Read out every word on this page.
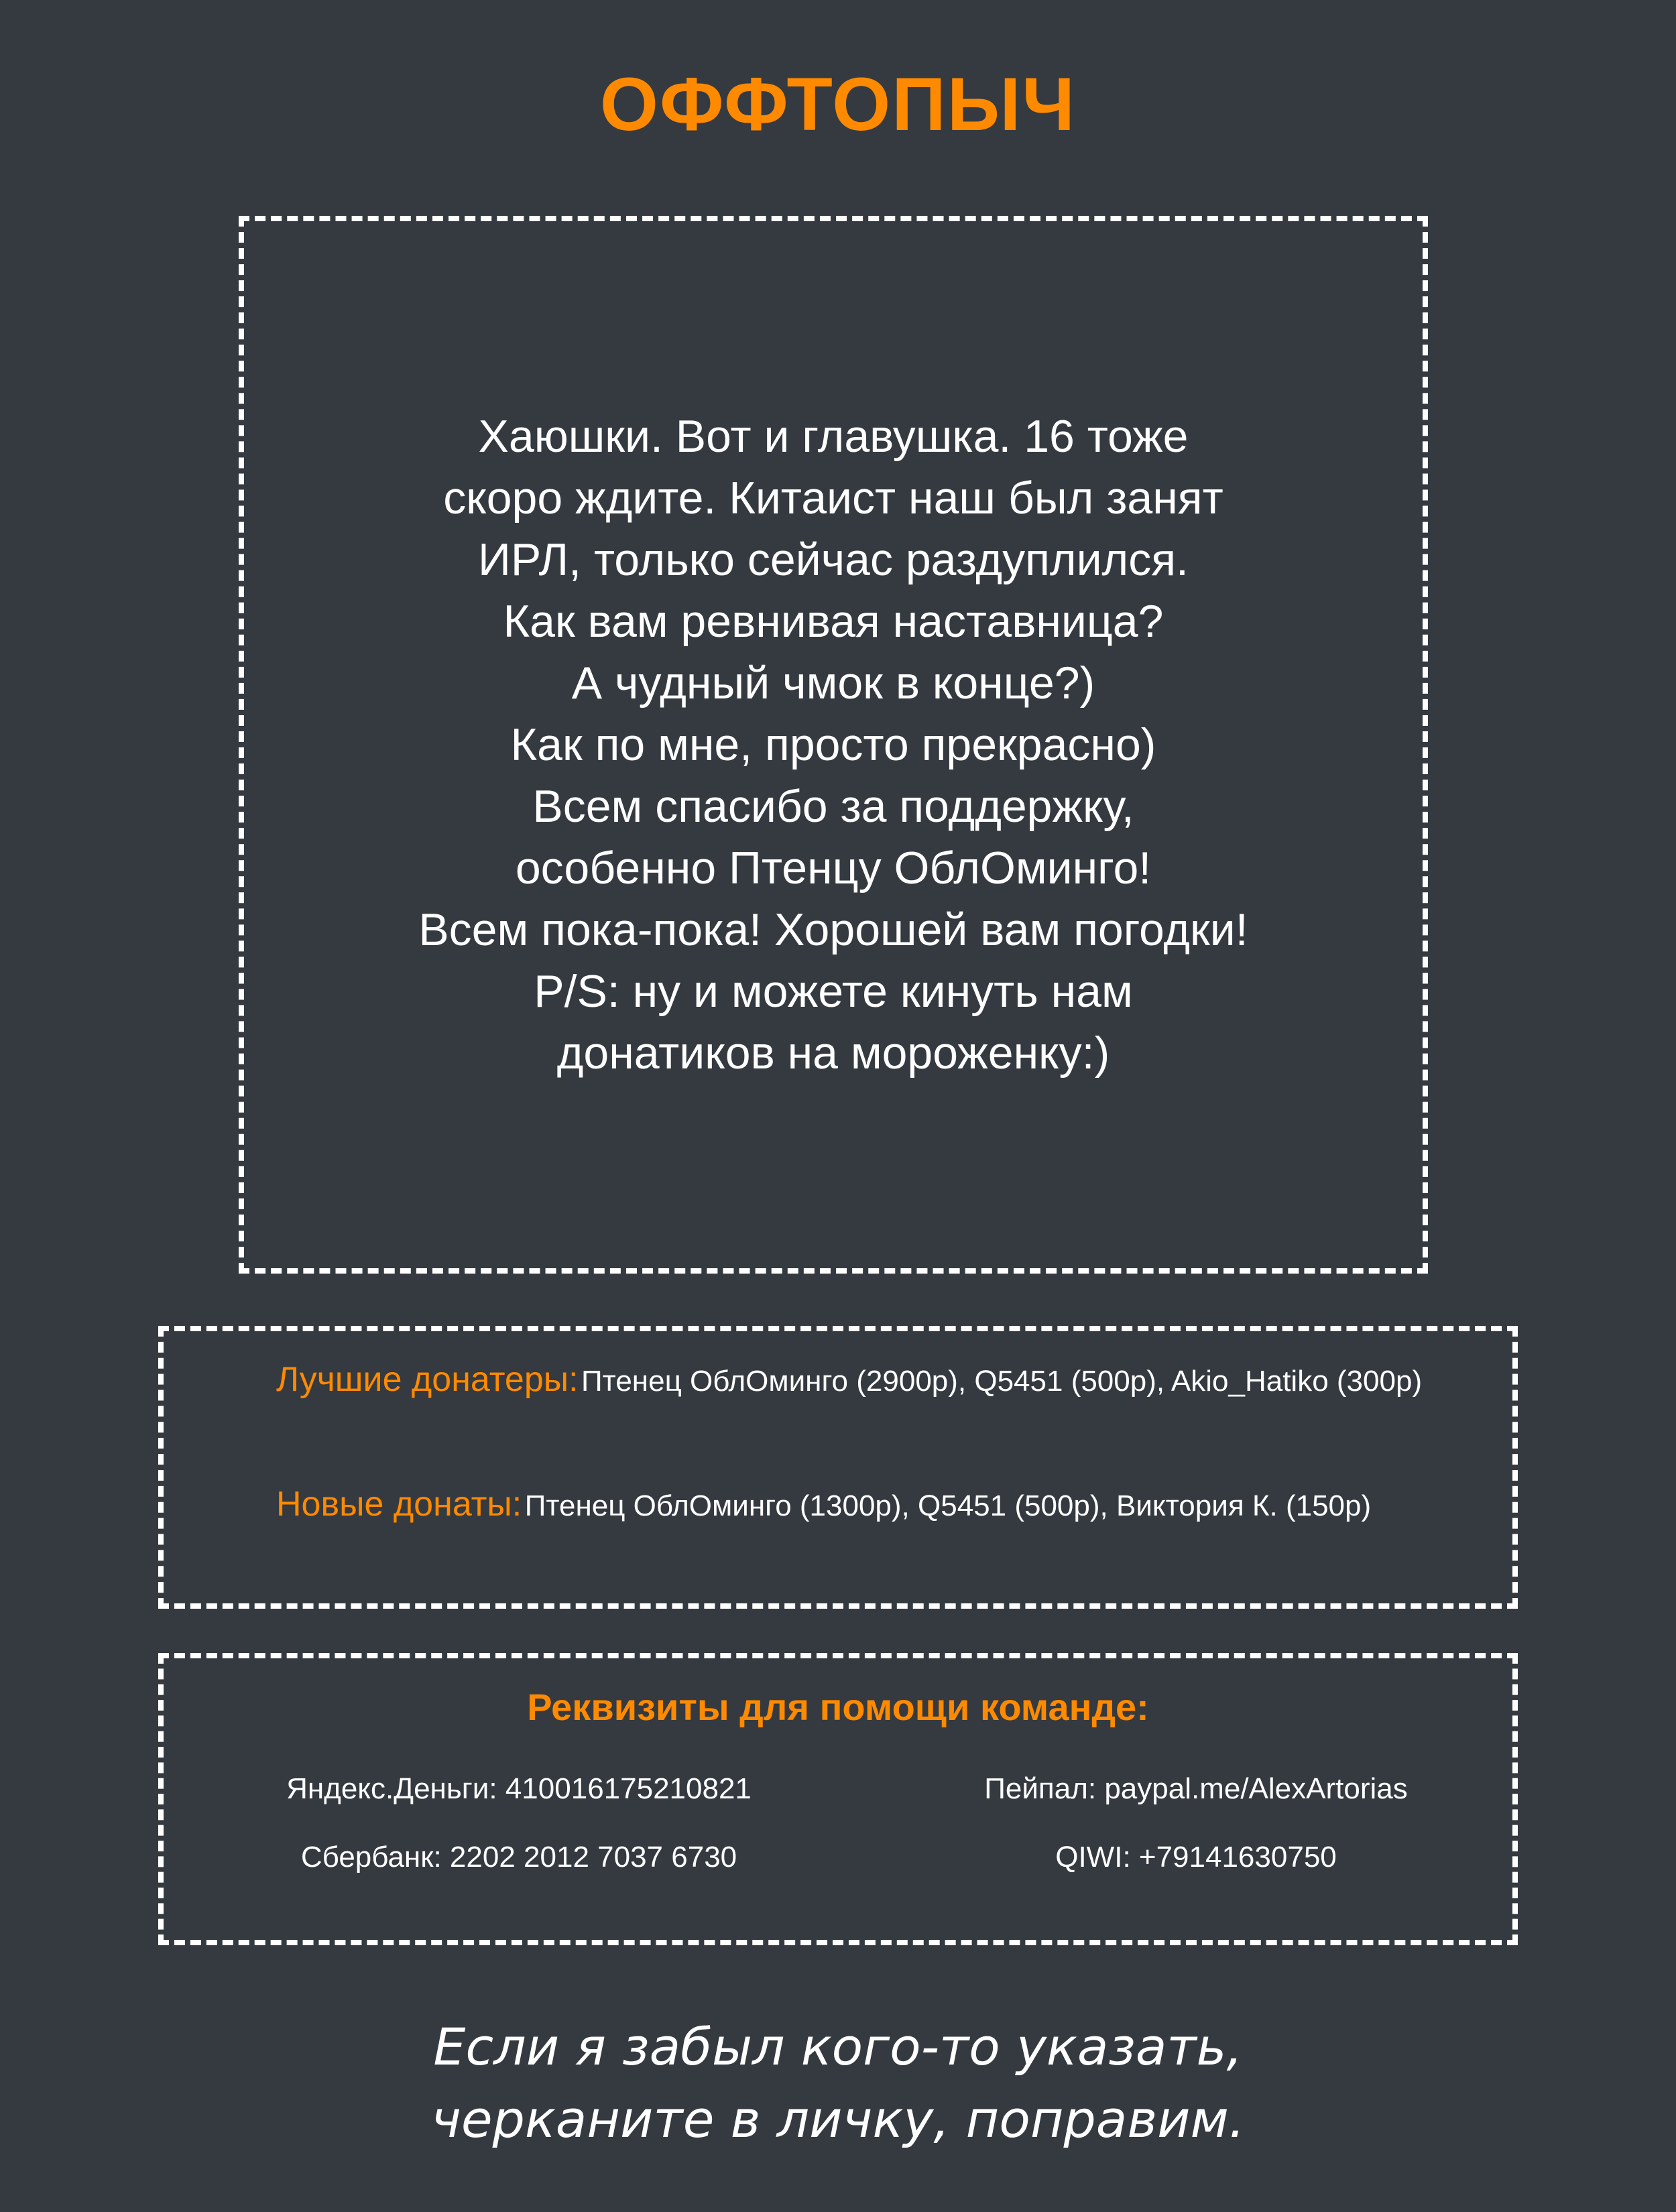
ОФФТОПЫЧ
Хаюшки. Вот и главушка. 16 тоже
скоро ждите. Китаист наш был занят
ИРЛ, только сейчас раздуплился.
Как вам ревнивая наставница?
А чудный чмок в конце?)
Как по мне, просто прекрасно)
Всем спасибо за поддержку,
особенно Птенцу ОблОминго!
Всем пока-пока! Хорошей вам погодки!
P/S: ну и можете кинуть нам
донатиков на мороженку:)
Лучшие донатеры: Птенец ОблОминго (2900р), Q5451 (500р), Akio_Hatiko (300р)
Новые донаты: Птенец ОблОминго (1300р), Q5451 (500р), Виктория К. (150р)
Реквизиты для помощи команде:
Яндекс.Деньги: 410016175210821	Пейпал: paypal.me/AlexArtorias
Сбербанк: 2202 2012 7037 6730	QIWI: +79141630750
Если я забыл кого-то указать,
черканите в личку, поправим.
